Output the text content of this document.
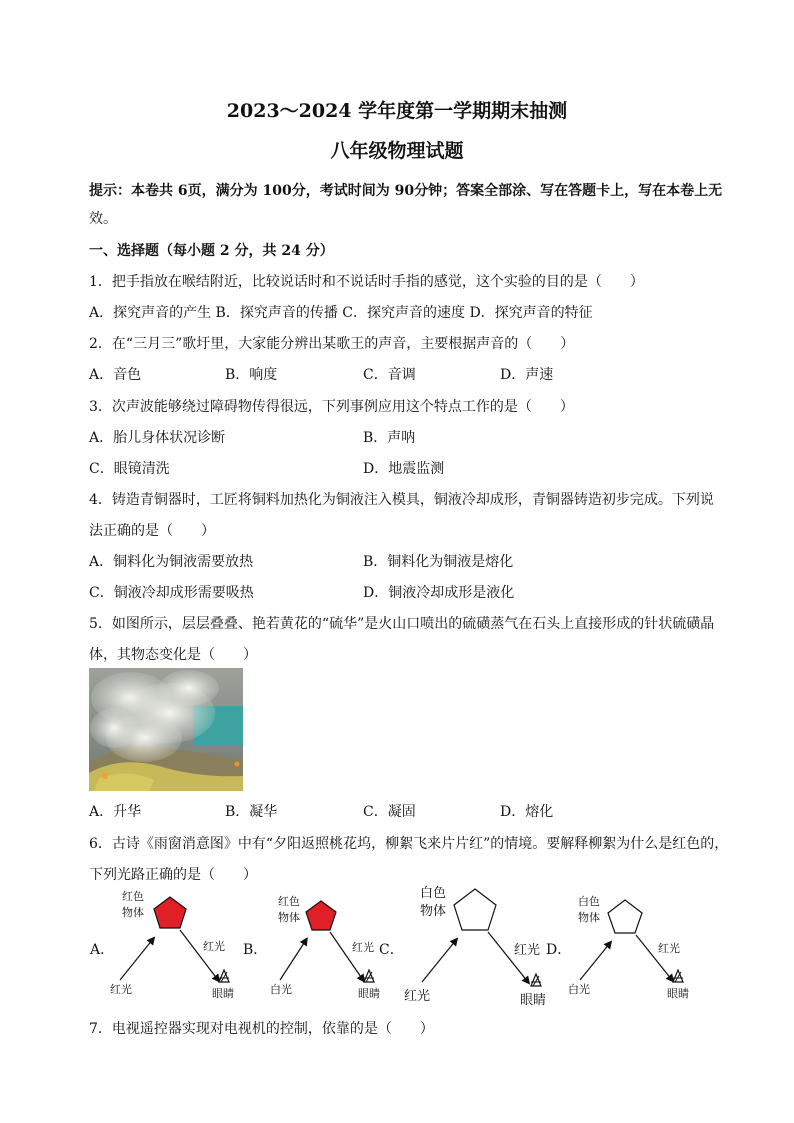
2023～2024 学年度第一学期期末抽测
八年级物理试题
提示：本卷共 6页，满分为 100分，考试时间为 90分钟；答案全部涂、写在答题卡上，写在本卷上无
效。
一、选择题（每小题 2 分，共 24 分）
1．把手指放在喉结附近，比较说话时和不说话时手指的感觉，这个实验的目的是（　　）
A．探究声音的产生 B．探究声音的传播 C．探究声音的速度 D．探究声音的特征
2．在“三月三”歌圩里，大家能分辨出某歌王的声音，主要根据声音的（　　）
A．音色	B．响度	C．音调	D．声速
3．次声波能够绕过障碍物传得很远，下列事例应用这个特点工作的是（　　）
A．胎儿身体状况诊断	B．声呐
C．眼镜清洗	D．地震监测
4．铸造青铜器时，工匠将铜料加热化为铜液注入模具，铜液冷却成形，青铜器铸造初步完成。下列说
法正确的是（　　）
A．铜料化为铜液需要放热	B．铜料化为铜液是熔化
C．铜液冷却成形需要吸热	D．铜液冷却成形是液化
5．如图所示，层层叠叠、艳若黄花的“硫华”是火山口喷出的硫磺蒸气在石头上直接形成的针状硫磺晶
体，其物态变化是（　　）
A．升华	B．凝华	C．凝固	D．熔化
6．古诗《雨窗消意图》中有“夕阳返照桃花坞，柳絮飞来片片红”的情境。要解释柳絮为什么是红色的，
下列光路正确的是（　　）
A．
红色
物体
红光
红光
眼睛
B．
红色
物体
白光
红光
眼睛
C．
白色
物体
红光
红光
眼睛
D．
白色
物体
白光
红光
眼睛
7．电视遥控器实现对电视机的控制，依靠的是（　　）
